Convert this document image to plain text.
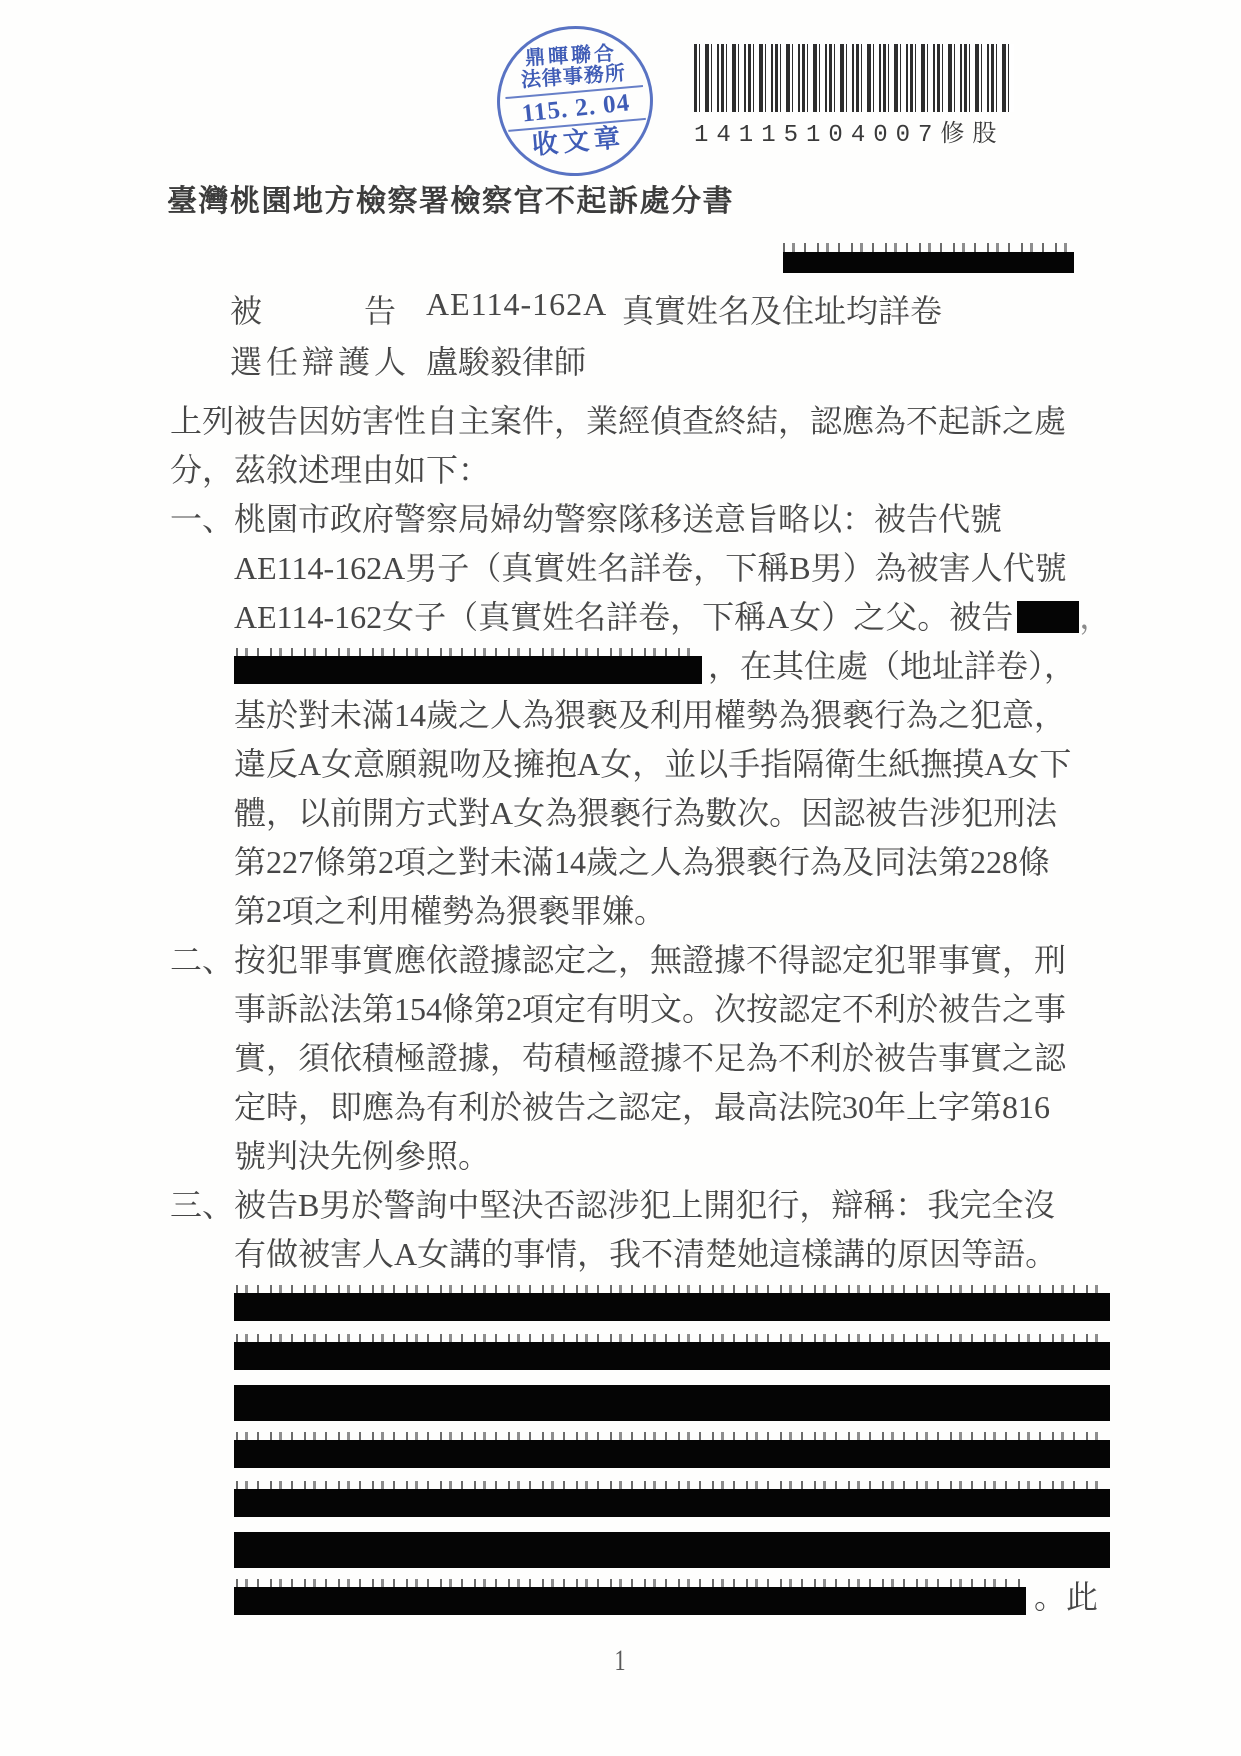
鼎暉聯合
法律事務所
115. 2. 04
收文章	14115104007修股
臺灣桃園地方檢察署檢察官不起訴處分書
被	告 AE114-162A 真實姓名及住址均詳卷
選任辯護人 盧駿毅律師
上列被告因妨害性自主案件，業經偵查終結，認應為不起訴之處
分，茲敘述理由如下：
一、桃園市政府警察局婦幼警察隊移送意旨略以：被告代號
AE114-162A男子（真實姓名詳卷，下稱B男）為被害人代號
AE114-162女子（真實姓名詳卷，下稱A女）之父。被告 ，
，在其住處（地址詳卷），
基於對未滿14歲之人為猥褻及利用權勢為猥褻行為之犯意，
違反A女意願親吻及擁抱A女，並以手指隔衛生紙撫摸A女下
體，以前開方式對A女為猥褻行為數次。因認被告涉犯刑法
第227條第2項之對未滿14歲之人為猥褻行為及同法第228條
第2項之利用權勢為猥褻罪嫌。
二、按犯罪事實應依證據認定之，無證據不得認定犯罪事實，刑
事訴訟法第154條第2項定有明文。次按認定不利於被告之事
實，須依積極證據，苟積極證據不足為不利於被告事實之認
定時，即應為有利於被告之認定，最高法院30年上字第816
號判決先例參照。
三、被告B男於警詢中堅決否認涉犯上開犯行，辯稱：我完全沒
有做被害人A女講的事情，我不清楚她這樣講的原因等語。
。此
1
